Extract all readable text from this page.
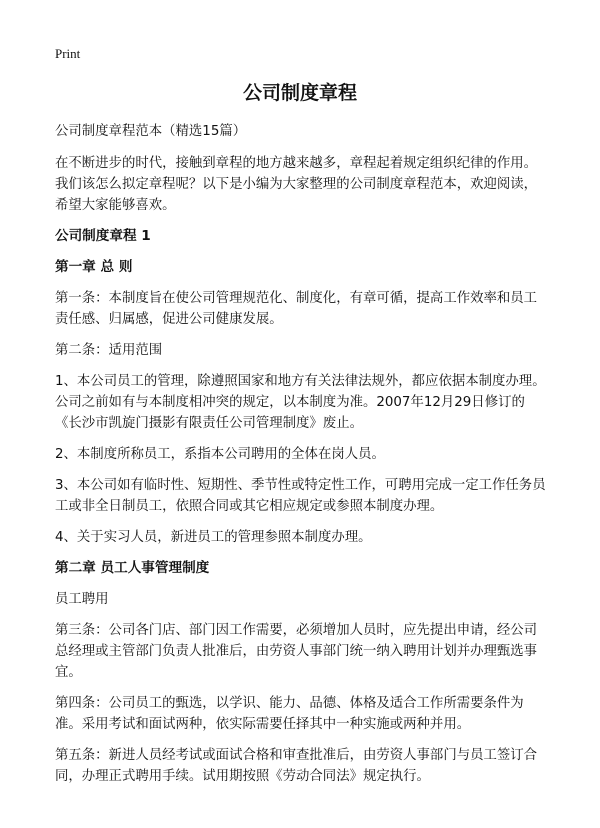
Print
公司制度章程

公司制度章程范本（精选15篇）

在不断进步的时代，接触到章程的地方越来越多，章程起着规定组织纪律的作用。我们该怎么拟定章程呢？以下是小编为大家整理的公司制度章程范本，欢迎阅读，希望大家能够喜欢。

公司制度章程 1
第一章 总 则

第一条：本制度旨在使公司管理规范化、制度化，有章可循，提高工作效率和员工责任感、归属感，促进公司健康发展。

第二条：适用范围

1、本公司员工的管理，除遵照国家和地方有关法律法规外，都应依据本制度办理。公司之前如有与本制度相冲突的规定，以本制度为准。2007年12月29日修订的《长沙市凯旋门摄影有限责任公司管理制度》废止。

2、本制度所称员工，系指本公司聘用的全体在岗人员。

3、本公司如有临时性、短期性、季节性或特定性工作，可聘用完成一定工作任务员工或非全日制员工，依照合同或其它相应规定或参照本制度办理。

4、关于实习人员，新进员工的管理参照本制度办理。

第二章 员工人事管理制度

员工聘用

第三条：公司各门店、部门因工作需要，必须增加人员时，应先提出申请，经公司总经理或主管部门负责人批准后，由劳资人事部门统一纳入聘用计划并办理甄选事宜。

第四条：公司员工的甄选，以学识、能力、品德、体格及适合工作所需要条件为准。采用考试和面试两种，依实际需要任择其中一种实施或两种并用。

第五条：新进人员经考试或面试合格和审查批准后，由劳资人事部门与员工签订合同，办理正式聘用手续。试用期按照《劳动合同法》规定执行。
